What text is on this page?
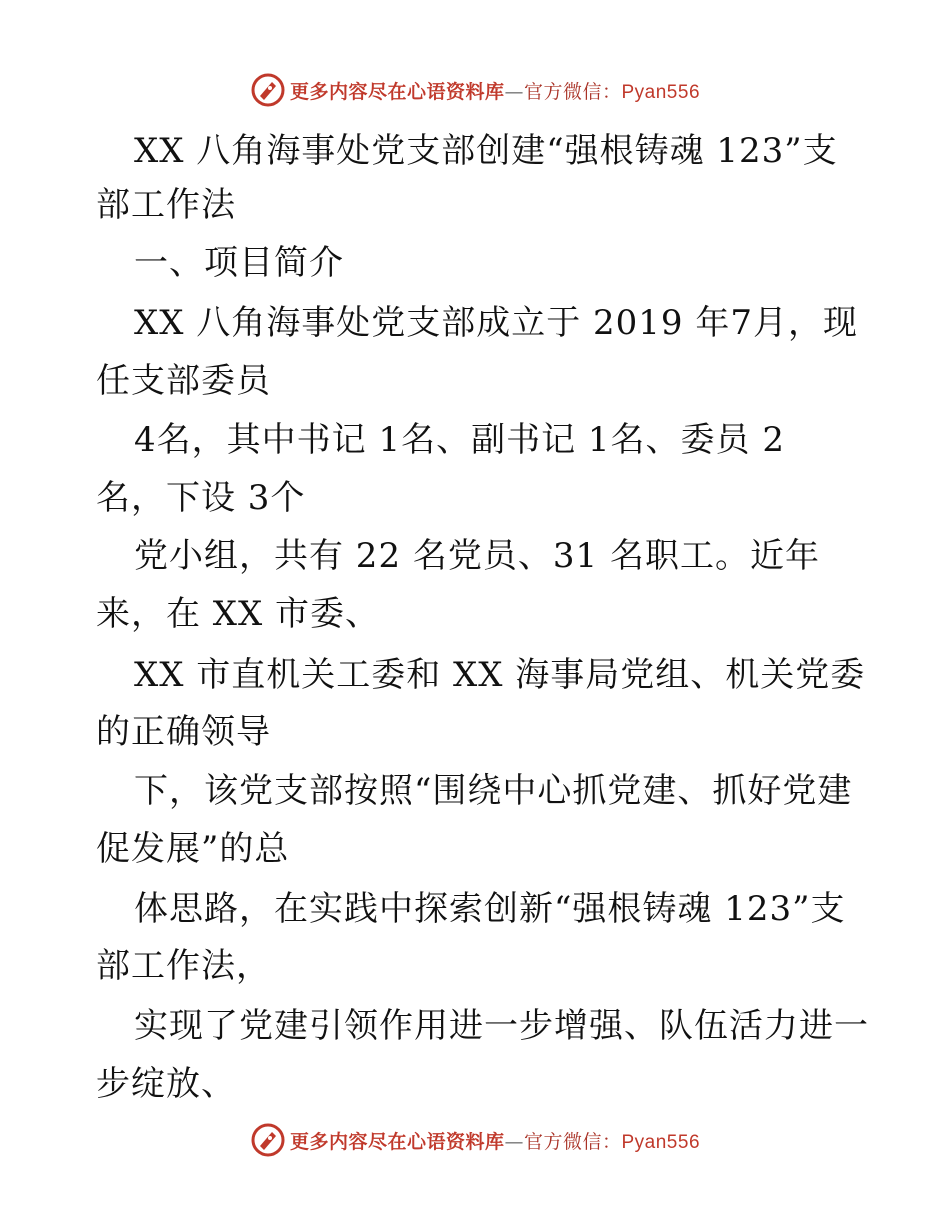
更多内容尽在心语资料库—官方微信：Pyan556
XX 八角海事处党支部创建“强根铸魂 123”支
部工作法
一、项目简介
XX 八角海事处党支部成立于 2019 年7月，现
任支部委员
4名，其中书记 1名、副书记 1名、委员 2
名，下设 3个
党小组，共有 22 名党员、31 名职工。近年
来，在 XX 市委、
XX 市直机关工委和 XX 海事局党组、机关党委
的正确领导
下，该党支部按照“围绕中心抓党建、抓好党建
促发展”的总
体思路，在实践中探索创新“强根铸魂 123”支
部工作法，
实现了党建引领作用进一步增强、队伍活力进一
步绽放、
更多内容尽在心语资料库—官方微信：Pyan556
